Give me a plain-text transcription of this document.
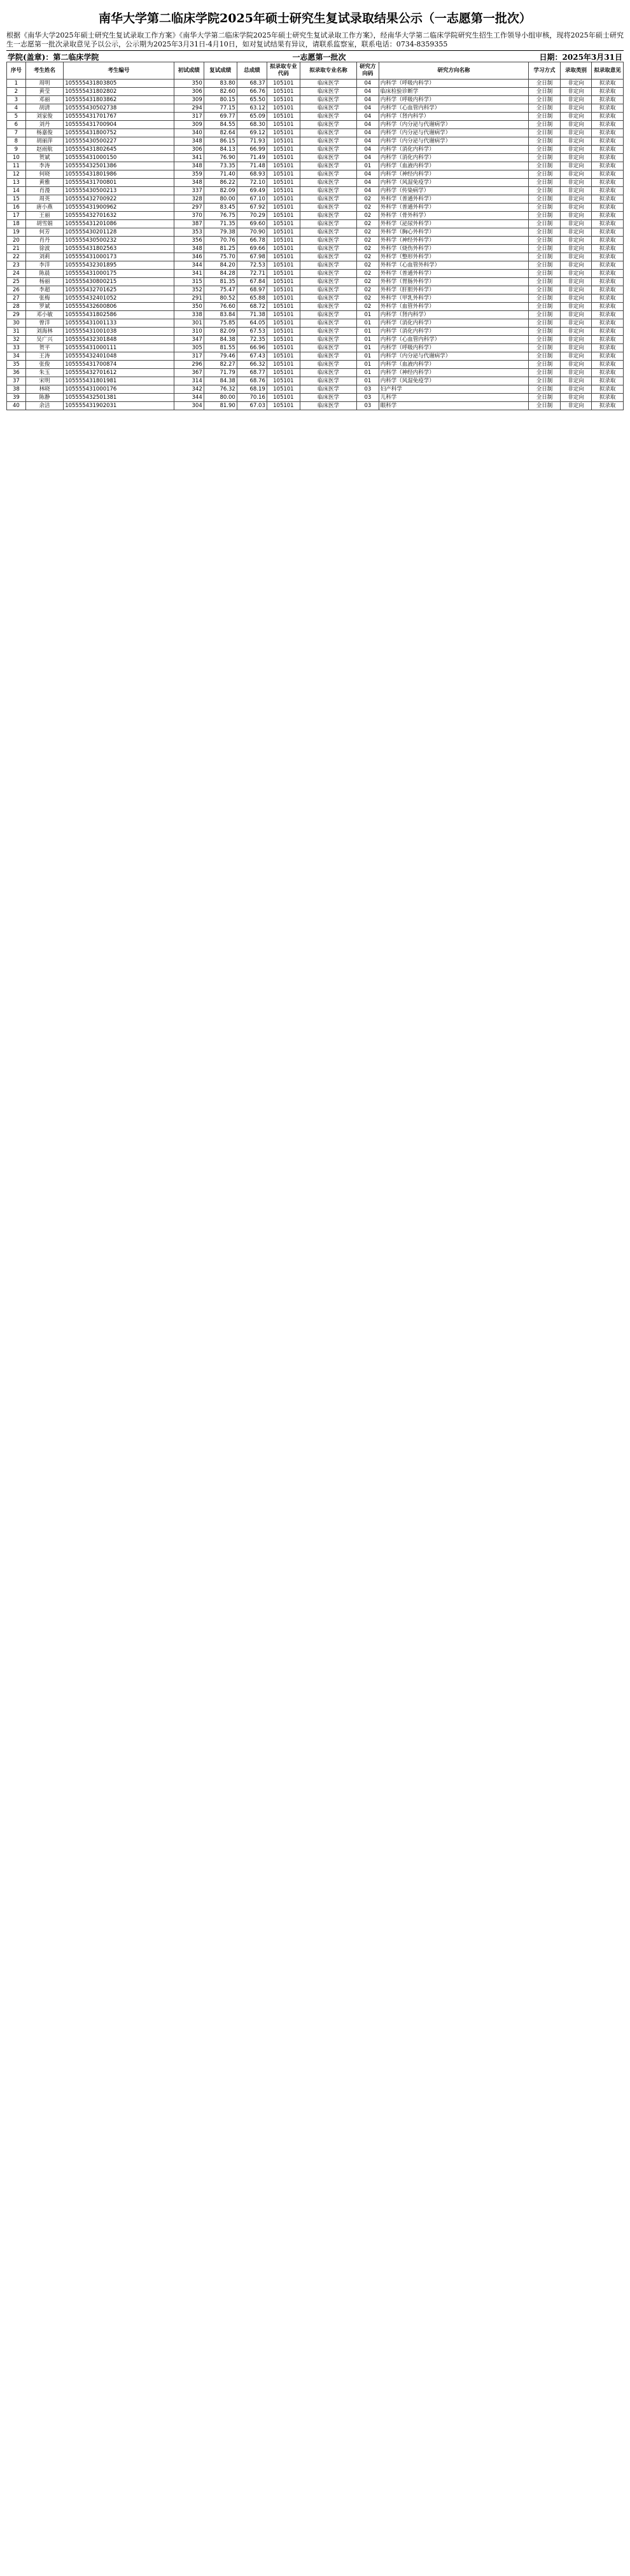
南华大学第二临床学院2025年硕士研究生复试录取结果公示（一志愿第一批次）
根据《南华大学2025年硕士研究生复试录取工作方案》《南华大学第二临床学院2025年硕士研究生复试录取工作方案》，经南华大学第二临床学院研究生招生工作领导小组审核，现将2025年硕士研究生一志愿第一批次录取意见予以公示，公示期为2025年3月31日-4月10日，如对复试结果有异议，请联系监察室，联系电话：0734-8359355
学院(盖章)：第二临床学院	一志愿第一批次	日期：2025年3月31日
序号	考生姓名	考生编号	初试成绩	复试成绩	总成绩	拟录取专业代码	拟录取专业名称	研究方向码	研究方向名称	学习方式	录取类别	拟录取意见
1	周明	105555431803805	350	83.80	68.37	105101	临床医学	04	内科学（呼吸内科学）	全日制	非定向	拟录取
2	黄莹	105555431802802	306	82.60	66.76	105101	临床医学	04	临床检验诊断学	全日制	非定向	拟录取
3	邓丽	105555431803862	309	80.15	65.50	105101	临床医学	04	内科学（呼吸内科学）	全日制	非定向	拟录取
4	胡清	105555430502738	294	77.15	63.12	105101	临床医学	04	内科学（心血管内科学）	全日制	非定向	拟录取
5	刘家俊	105555431701767	317	69.77	65.09	105101	临床医学	04	内科学（肾内科学）	全日制	非定向	拟录取
6	刘丹	105555431700904	309	84.55	68.30	105101	临床医学	04	内科学（内分泌与代谢病学）	全日制	非定向	拟录取
7	杨嘉俊	105555431800752	340	82.64	69.12	105101	临床医学	04	内科学（内分泌与代谢病学）	全日制	非定向	拟录取
8	胡丽萍	105555430500227	348	86.15	71.93	105101	临床医学	04	内科学（内分泌与代谢病学）	全日制	非定向	拟录取
9	赵雨航	105555431802645	306	84.13	66.99	105101	临床医学	04	内科学（消化内科学）	全日制	非定向	拟录取
10	贺斌	105555431000150	341	76.90	71.49	105101	临床医学	04	内科学（消化内科学）	全日制	非定向	拟录取
11	李涛	105555432501386	348	73.35	71.48	105101	临床医学	01	内科学（血液内科学）	全日制	非定向	拟录取
12	何晓	105555431801986	359	71.40	68.93	105101	临床医学	04	内科学（神经内科学）	全日制	非定向	拟录取
13	黄雅	105555431700801	348	86.22	72.10	105101	临床医学	04	内科学（风湿免疫学）	全日制	非定向	拟录取
14	肖漫	105555430500213	337	82.09	69.49	105101	临床医学	04	内科学（传染病学）	全日制	非定向	拟录取
15	周英	105555432700922	328	80.00	67.10	105101	临床医学	02	外科学（普通外科学）	全日制	非定向	拟录取
16	唐小燕	105555431900962	297	83.45	67.92	105101	临床医学	02	外科学（普通外科学）	全日制	非定向	拟录取
17	王丽	105555432701632	370	76.75	70.29	105101	临床医学	02	外科学（骨外科学）	全日制	非定向	拟录取
18	胡雪娟	105555431201086	387	71.35	69.60	105101	临床医学	02	外科学（泌尿外科学）	全日制	非定向	拟录取
19	何芳	105555430201128	353	79.38	70.90	105101	临床医学	02	外科学（胸心外科学）	全日制	非定向	拟录取
20	肖丹	105555430500232	356	70.76	66.78	105101	临床医学	02	外科学（神经外科学）	全日制	非定向	拟录取
21	徐波	105555431802563	348	81.25	69.66	105101	临床医学	02	外科学（烧伤外科学）	全日制	非定向	拟录取
22	刘莉	105555431000173	346	75.70	67.98	105101	临床医学	02	外科学（整形外科学）	全日制	非定向	拟录取
23	李洋	105555432301895	344	84.20	72.53	105101	临床医学	02	外科学（心血管外科学）	全日制	非定向	拟录取
24	陈晨	105555431000175	341	84.28	72.71	105101	临床医学	02	外科学（普通外科学）	全日制	非定向	拟录取
25	杨丽	105555430800215	315	81.35	67.84	105101	临床医学	02	外科学（胃肠外科学）	全日制	非定向	拟录取
26	李超	105555432701625	352	75.47	68.97	105101	临床医学	02	外科学（肝胆外科学）	全日制	非定向	拟录取
27	张梅	105555432401052	291	80.52	65.88	105101	临床医学	02	外科学（甲乳外科学）	全日制	非定向	拟录取
28	罗斌	105555432600806	350	76.60	68.72	105101	临床医学	02	外科学（血管外科学）	全日制	非定向	拟录取
29	邓小敏	105555431802586	338	83.84	71.38	105101	临床医学	01	内科学（肾内科学）	全日制	非定向	拟录取
30	曾洋	105555431001133	301	75.85	64.05	105101	临床医学	01	内科学（消化内科学）	全日制	非定向	拟录取
31	刘海林	105555431001038	310	82.09	67.53	105101	临床医学	01	内科学（消化内科学）	全日制	非定向	拟录取
32	吴广兴	105555432301848	347	84.38	72.35	105101	临床医学	01	内科学（心血管内科学）	全日制	非定向	拟录取
33	贺平	105555431000111	305	81.55	66.96	105101	临床医学	01	内科学（呼吸内科学）	全日制	非定向	拟录取
34	王涛	105555432401048	317	79.46	67.43	105101	临床医学	01	内科学（内分泌与代谢病学）	全日制	非定向	拟录取
35	张俊	105555431700874	296	82.27	66.32	105101	临床医学	01	内科学（血液内科学）	全日制	非定向	拟录取
36	朱玉	105555432701612	367	71.79	68.77	105101	临床医学	01	内科学（神经内科学）	全日制	非定向	拟录取
37	宋明	105555431801981	314	84.38	68.76	105101	临床医学	01	内科学（风湿免疫学）	全日制	非定向	拟录取
38	林晓	105555431000176	342	76.32	68.19	105101	临床医学	03	妇产科学	全日制	非定向	拟录取
39	陈静	105555432501381	344	80.00	70.16	105101	临床医学	03	儿科学	全日制	非定向	拟录取
40	余洁	105555431902031	304	81.90	67.03	105101	临床医学	03	眼科学	全日制	非定向	拟录取
